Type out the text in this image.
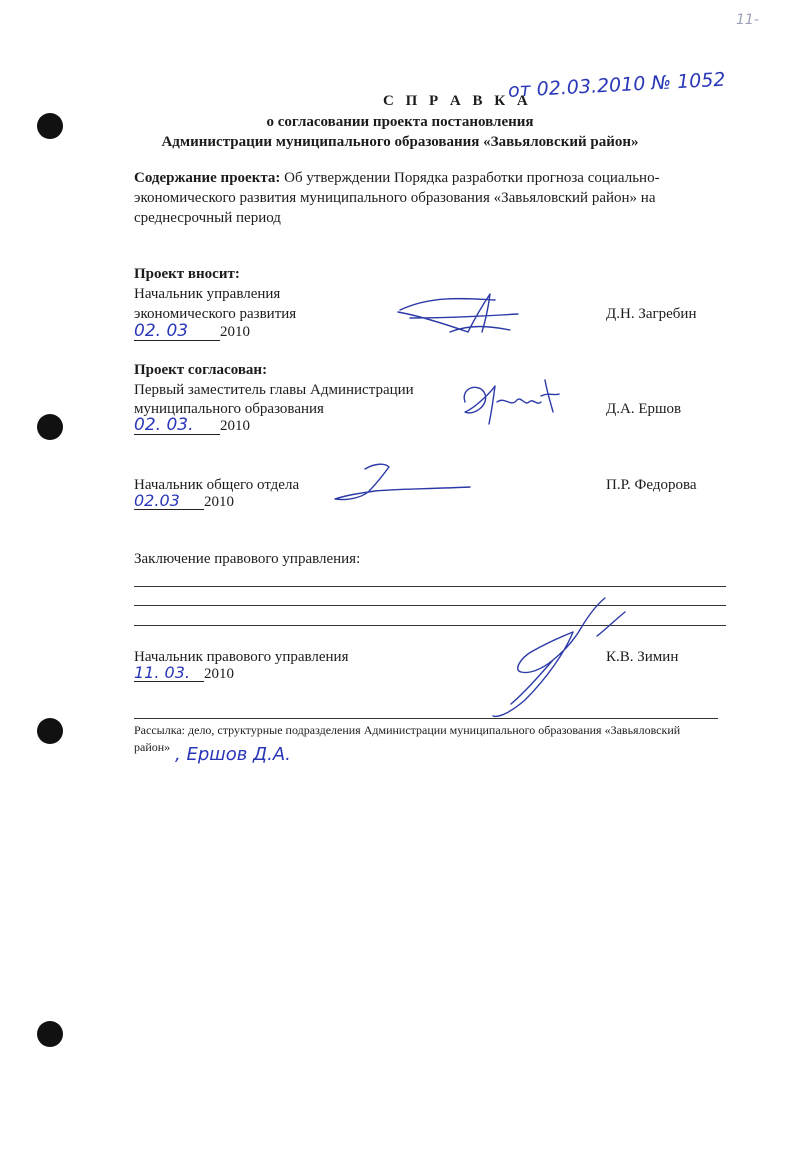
11-
С П Р А В К А
от 02.03.2010 № 1052
о согласовании проекта постановления
Администрации муниципального образования «Завьяловский район»
Содержание проекта: Об утверждении Порядка разработки прогноза социально-
экономического развития муниципального образования «Завьяловский район» на
среднесрочный период
Проект вносит:
Начальник управления
экономического развития
02. 03 2010
Д.Н. Загребин
Проект согласован:
Первый заместитель главы Администрации
муниципального образования
02. 03. 2010
Д.А. Ершов
Начальник общего отдела
02.03 2010
П.Р. Федорова
Заключение правового управления:
Начальник правового управления
11. 03. 2010
К.В. Зимин
Рассылка: дело, структурные подразделения Администрации муниципального образования «Завьяловский
район» , Ершов Д.А.
